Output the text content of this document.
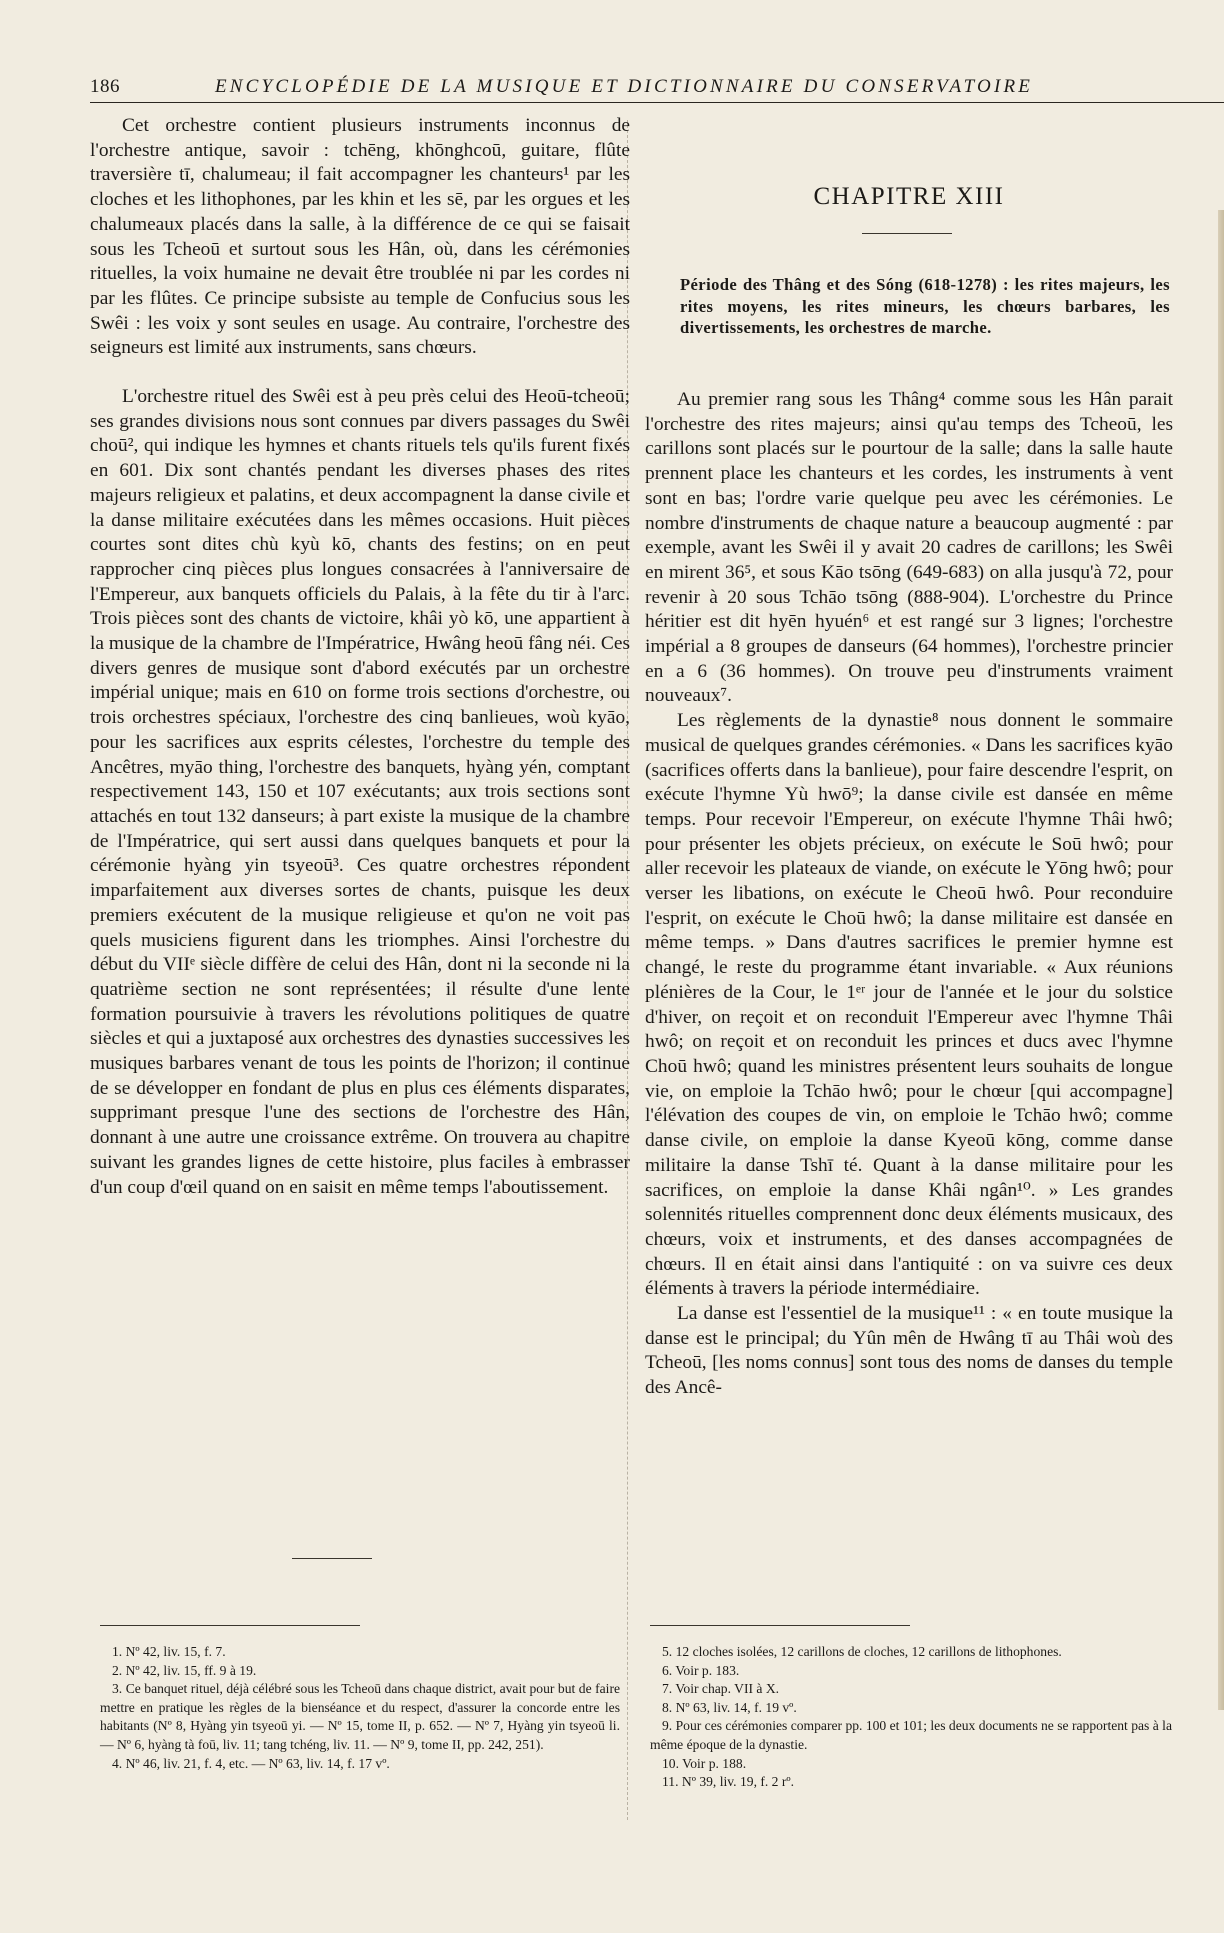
186	ENCYCLOPÉDIE DE LA MUSIQUE ET DICTIONNAIRE DU CONSERVATOIRE

Cet orchestre contient plusieurs instruments inconnus de l'orchestre antique, savoir : tchēng, khōnghcoū, guitare, flûte traversière tī, chalumeau; il fait accompagner les chanteurs¹ par les cloches et les lithophones, par les khin et les sē, par les orgues et les chalumeaux placés dans la salle, à la différence de ce qui se faisait sous les Tcheoū et surtout sous les Hân, où, dans les cérémonies rituelles, la voix humaine ne devait être troublée ni par les cordes ni par les flûtes. Ce principe subsiste au temple de Confucius sous les Swêi : les voix y sont seules en usage. Au contraire, l'orchestre des seigneurs est limité aux instruments, sans chœurs.

L'orchestre rituel des Swêi est à peu près celui des Heoū-tcheoū; ses grandes divisions nous sont connues par divers passages du Swêi choū², qui indique les hymnes et chants rituels tels qu'ils furent fixés en 601. Dix sont chantés pendant les diverses phases des rites majeurs religieux et palatins, et deux accompagnent la danse civile et la danse militaire exécutées dans les mêmes occasions. Huit pièces courtes sont dites chù kyù kō, chants des festins; on en peut rapprocher cinq pièces plus longues consacrées à l'anniversaire de l'Empereur, aux banquets officiels du Palais, à la fête du tir à l'arc. Trois pièces sont des chants de victoire, khâi yò kō, une appartient à la musique de la chambre de l'Impératrice, Hwâng heoū fâng néi. Ces divers genres de musique sont d'abord exécutés par un orchestre impérial unique; mais en 610 on forme trois sections d'orchestre, ou trois orchestres spéciaux, l'orchestre des cinq banlieues, woù kyāo, pour les sacrifices aux esprits célestes, l'orchestre du temple des Ancêtres, myāo thing, l'orchestre des banquets, hyàng yén, comptant respectivement 143, 150 et 107 exécutants; aux trois sections sont attachés en tout 132 danseurs; à part existe la musique de la chambre de l'Impératrice, qui sert aussi dans quelques banquets et pour la cérémonie hyàng yin tsyeoū³. Ces quatre orchestres répondent imparfaitement aux diverses sortes de chants, puisque les deux premiers exécutent de la musique religieuse et qu'on ne voit pas quels musiciens figurent dans les triomphes. Ainsi l'orchestre du début du VIIᵉ siècle diffère de celui des Hân, dont ni la seconde ni la quatrième section ne sont représentées; il résulte d'une lente formation poursuivie à travers les révolutions politiques de quatre siècles et qui a juxtaposé aux orchestres des dynasties successives les musiques barbares venant de tous les points de l'horizon; il continue de se développer en fondant de plus en plus ces éléments disparates, supprimant presque l'une des sections de l'orchestre des Hân, donnant à une autre une croissance extrême. On trouvera au chapitre suivant les grandes lignes de cette histoire, plus faciles à embrasser d'un coup d'œil quand on en saisit en même temps l'aboutissement.

CHAPITRE XIII
Période des Thâng et des Sóng (618-1278) : les rites majeurs, les rites moyens, les rites mineurs, les chœurs barbares, les divertissements, les orchestres de marche.

Au premier rang sous les Thâng⁴ comme sous les Hân parait l'orchestre des rites majeurs; ainsi qu'au temps des Tcheoū, les carillons sont placés sur le pourtour de la salle; dans la salle haute prennent place les chanteurs et les cordes, les instruments à vent sont en bas; l'ordre varie quelque peu avec les cérémonies. Le nombre d'instruments de chaque nature a beaucoup augmenté : par exemple, avant les Swêi il y avait 20 cadres de carillons; les Swêi en mirent 36⁵, et sous Kāo tsōng (649-683) on alla jusqu'à 72, pour revenir à 20 sous Tchāo tsōng (888-904). L'orchestre du Prince héritier est dit hyēn hyuén⁶ et est rangé sur 3 lignes; l'orchestre impérial a 8 groupes de danseurs (64 hommes), l'orchestre princier en a 6 (36 hommes). On trouve peu d'instruments vraiment nouveaux⁷.

Les règlements de la dynastie⁸ nous donnent le sommaire musical de quelques grandes cérémonies. « Dans les sacrifices kyāo (sacrifices offerts dans la banlieue), pour faire descendre l'esprit, on exécute l'hymne Yù hwō⁹; la danse civile est dansée en même temps. Pour recevoir l'Empereur, on exécute l'hymne Thâi hwô; pour présenter les objets précieux, on exécute le Soū hwô; pour aller recevoir les plateaux de viande, on exécute le Yōng hwô; pour verser les libations, on exécute le Cheoū hwô. Pour reconduire l'esprit, on exécute le Choū hwô; la danse militaire est dansée en même temps. » Dans d'autres sacrifices le premier hymne est changé, le reste du programme étant invariable. « Aux réunions plénières de la Cour, le 1ᵉʳ jour de l'année et le jour du solstice d'hiver, on reçoit et on reconduit l'Empereur avec l'hymne Thâi hwô; on reçoit et on reconduit les princes et ducs avec l'hymne Choū hwô; quand les ministres présentent leurs souhaits de longue vie, on emploie la Tchāo hwô; pour le chœur [qui accompagne] l'élévation des coupes de vin, on emploie le Tchāo hwô; comme danse civile, on emploie la danse Kyeoū kōng, comme danse militaire la danse Tshī té. Quant à la danse militaire pour les sacrifices, on emploie la danse Khâi ngân¹⁰. » Les grandes solennités rituelles comprennent donc deux éléments musicaux, des chœurs, voix et instruments, et des danses accompagnées de chœurs. Il en était ainsi dans l'antiquité : on va suivre ces deux éléments à travers la période intermédiaire.

La danse est l'essentiel de la musique¹¹ : « en toute musique la danse est le principal; du Yûn mên de Hwâng tī au Thâi woù des Tcheoū, [les noms connus] sont tous des noms de danses du temple des Ancê-

1. Nº 42, liv. 15, f. 7.
2. Nº 42, liv. 15, ff. 9 à 19.
3. Ce banquet rituel, déjà célébré sous les Tcheoū dans chaque district, avait pour but de faire mettre en pratique les règles de la bienséance et du respect, d'assurer la concorde entre les habitants (Nº 8, Hyàng yin tsyeoū yi. — Nº 15, tome II, p. 652. — Nº 7, Hyàng yin tsyeoū li. — Nº 6, hyàng tà foū, liv. 11; tang tchéng, liv. 11. — Nº 9, tome II, pp. 242, 251).
4. Nº 46, liv. 21, f. 4, etc. — Nº 63, liv. 14, f. 17 vº.
5. 12 cloches isolées, 12 carillons de cloches, 12 carillons de lithophones.
6. Voir p. 183.
7. Voir chap. VII à X.
8. Nº 63, liv. 14, f. 19 vº.
9. Pour ces cérémonies comparer pp. 100 et 101; les deux documents ne se rapportent pas à la même époque de la dynastie.
10. Voir p. 188.
11. Nº 39, liv. 19, f. 2 rº.
